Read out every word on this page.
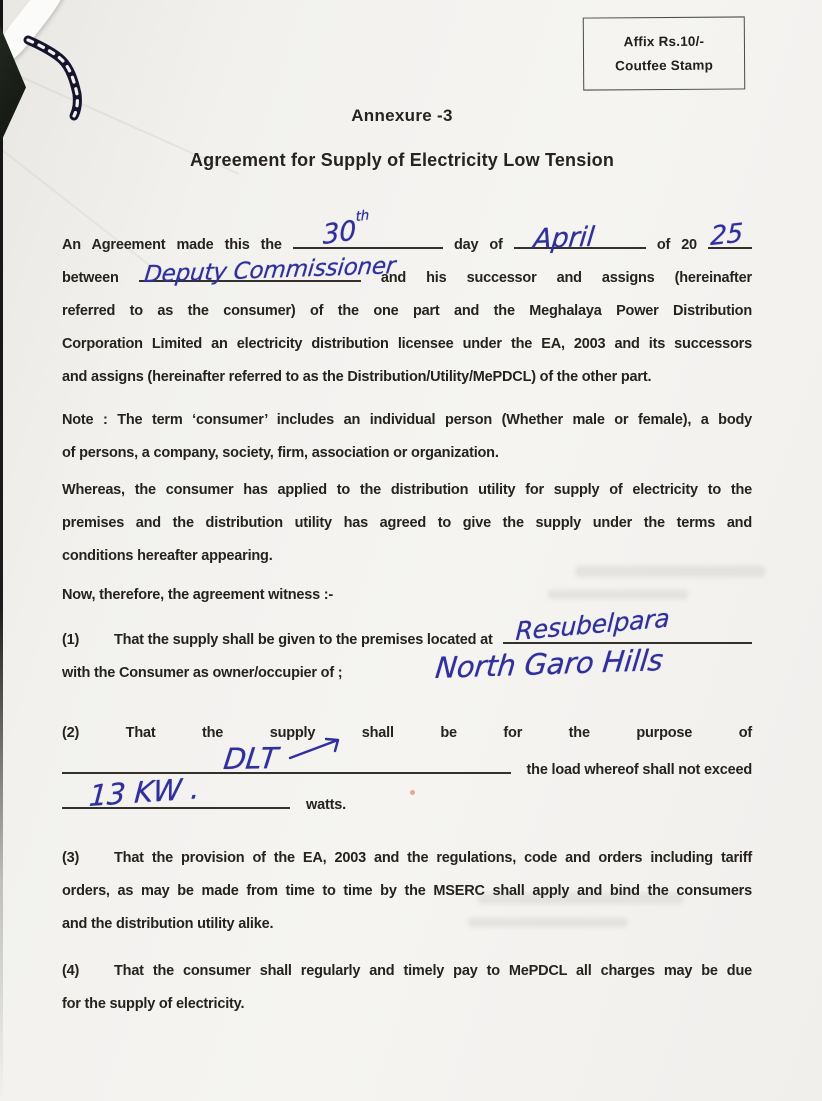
Affix Rs.10/-
Coutfee Stamp
Annexure -3
Agreement for Supply of Electricity Low Tension
An Agreement made this the 30th
day of April	of 20 25
between Deputy Commissioner
and his successor and assigns (hereinafter
referred to as the consumer) of the one part and the Meghalaya Power Distribution
Corporation Limited an electricity distribution licensee under the EA, 2003 and its successors
and assigns (hereinafter referred to as the Distribution/Utility/MePDCL) of the other part.
Note : The term ‘consumer’ includes an individual person (Whether male or female), a body
of persons, a company, society, firm, association or organization.
Whereas, the consumer has applied to the distribution utility for supply of electricity to the
premises and the distribution utility has agreed to give the supply under the terms and
conditions hereafter appearing.
Now, therefore, the agreement witness :-
(1)	That the supply shall be given to the premises located at Resubelpara
with the Consumer as owner/occupier of ;	North Garo Hills
(2)	That the supply shall be for the purpose of
DLT	the load whereof shall not exceed
13 KW .	watts.
(3) That the provision of the EA, 2003 and the regulations, code and orders including tariff
orders, as may be made from time to time by the MSERC shall apply and bind the consumers
and the distribution utility alike.
(4) That the consumer shall regularly and timely pay to MePDCL all charges may be due
for the supply of electricity.
